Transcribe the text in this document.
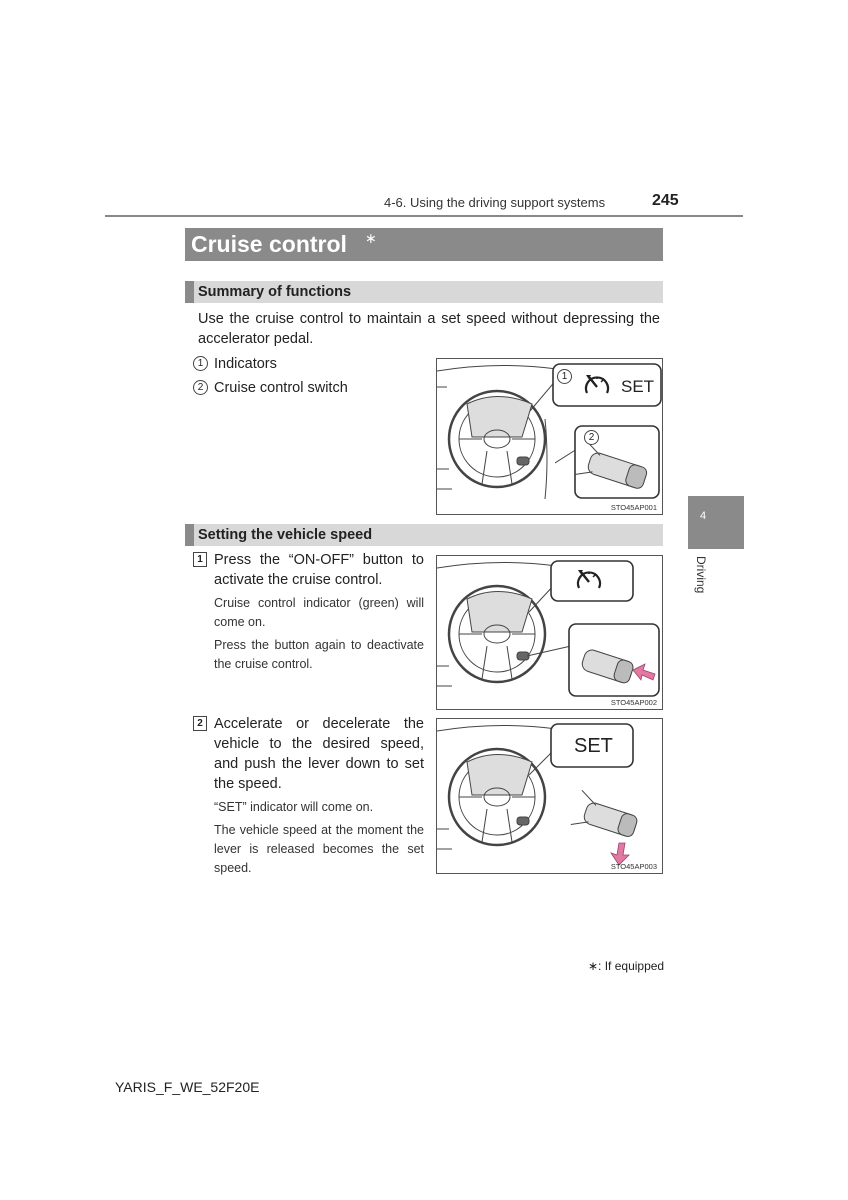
4-6. Using the driving support systems	245
Cruise control ∗
Summary of functions
Use the cruise control to maintain a set speed without depressing the accelerator pedal.
1 Indicators
2 Cruise control switch
1
SET
2
STO45AP001
Setting the vehicle speed
1 Press the “ON-OFF” button to activate the cruise control.
Cruise control indicator (green) will come on.
Press the button again to deactivate the cruise control.
STO45AP002
2 Accelerate or decelerate the vehicle to the desired speed, and push the lever down to set the speed.
“SET” indicator will come on.
The vehicle speed at the moment the lever is released becomes the set speed.
SET
STO45AP003
4
Driving
∗: If equipped
YARIS_F_WE_52F20E
